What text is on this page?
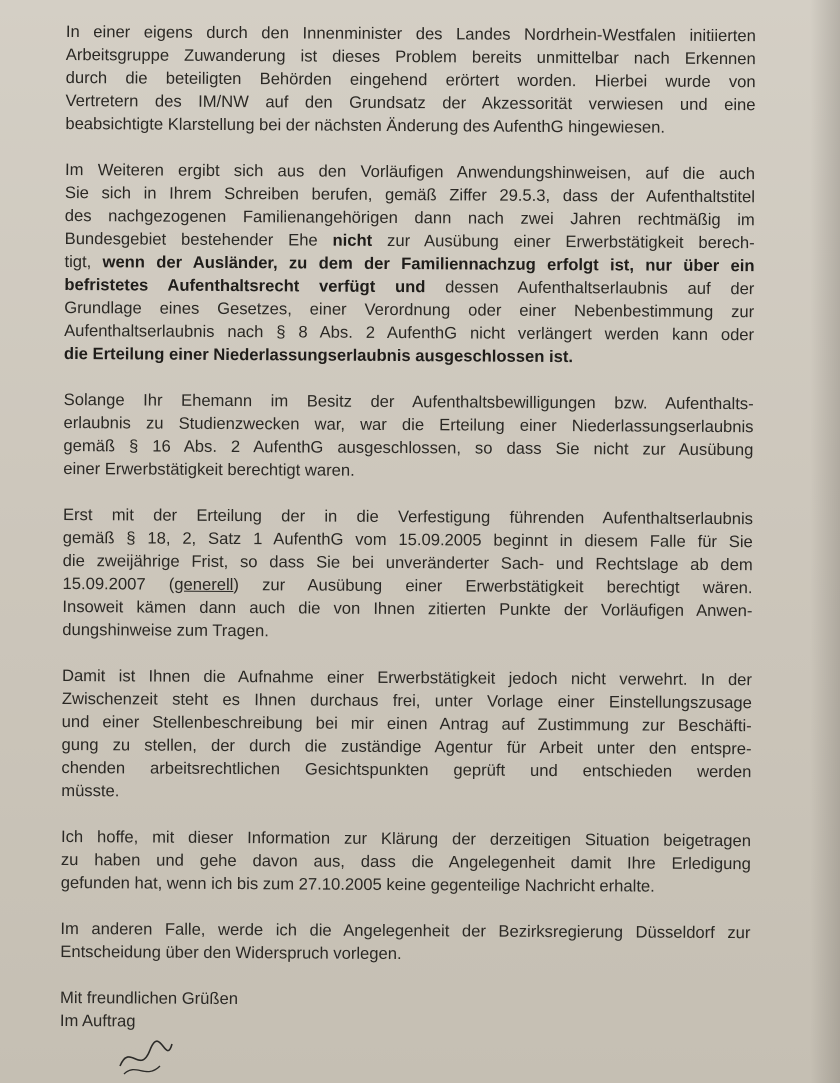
In einer eigens durch den Innenminister des Landes Nordrhein-Westfalen initiierten
Arbeitsgruppe Zuwanderung ist dieses Problem bereits unmittelbar nach Erkennen
durch die beteiligten Behörden eingehend erörtert worden. Hierbei wurde von
Vertretern des IM/NW auf den Grundsatz der Akzessorität verwiesen und eine
beabsichtigte Klarstellung bei der nächsten Änderung des AufenthG hingewiesen.

Im Weiteren ergibt sich aus den Vorläufigen Anwendungshinweisen, auf die auch
Sie sich in Ihrem Schreiben berufen, gemäß Ziffer 29.5.3, dass der Aufenthaltstitel
des nachgezogenen Familienangehörigen dann nach zwei Jahren rechtmäßig im
Bundesgebiet bestehender Ehe nicht zur Ausübung einer Erwerbstätigkeit berech-
tigt, wenn der Ausländer, zu dem der Familiennachzug erfolgt ist, nur über ein
befristetes Aufenthaltsrecht verfügt und dessen Aufenthaltserlaubnis auf der
Grundlage eines Gesetzes, einer Verordnung oder einer Nebenbestimmung zur
Aufenthaltserlaubnis nach § 8 Abs. 2 AufenthG nicht verlängert werden kann oder
die Erteilung einer Niederlassungserlaubnis ausgeschlossen ist.

Solange Ihr Ehemann im Besitz der Aufenthaltsbewilligungen bzw. Aufenthalts-
erlaubnis zu Studienzwecken war, war die Erteilung einer Niederlassungserlaubnis
gemäß § 16 Abs. 2 AufenthG ausgeschlossen, so dass Sie nicht zur Ausübung
einer Erwerbstätigkeit berechtigt waren.

Erst mit der Erteilung der in die Verfestigung führenden Aufenthaltserlaubnis
gemäß § 18, 2, Satz 1 AufenthG vom 15.09.2005 beginnt in diesem Falle für Sie
die zweijährige Frist, so dass Sie bei unveränderter Sach- und Rechtslage ab dem
15.09.2007 (generell) zur Ausübung einer Erwerbstätigkeit berechtigt wären.
Insoweit kämen dann auch die von Ihnen zitierten Punkte der Vorläufigen Anwen-
dungshinweise zum Tragen.

Damit ist Ihnen die Aufnahme einer Erwerbstätigkeit jedoch nicht verwehrt. In der
Zwischenzeit steht es Ihnen durchaus frei, unter Vorlage einer Einstellungszusage
und einer Stellenbeschreibung bei mir einen Antrag auf Zustimmung zur Beschäfti-
gung zu stellen, der durch die zuständige Agentur für Arbeit unter den entspre-
chenden arbeitsrechtlichen Gesichtspunkten geprüft und entschieden werden
müsste.

Ich hoffe, mit dieser Information zur Klärung der derzeitigen Situation beigetragen
zu haben und gehe davon aus, dass die Angelegenheit damit Ihre Erledigung
gefunden hat, wenn ich bis zum 27.10.2005 keine gegenteilige Nachricht erhalte.

Im anderen Falle, werde ich die Angelegenheit der Bezirksregierung Düsseldorf zur
Entscheidung über den Widerspruch vorlegen.

Mit freundlichen Grüßen
Im Auftrag
